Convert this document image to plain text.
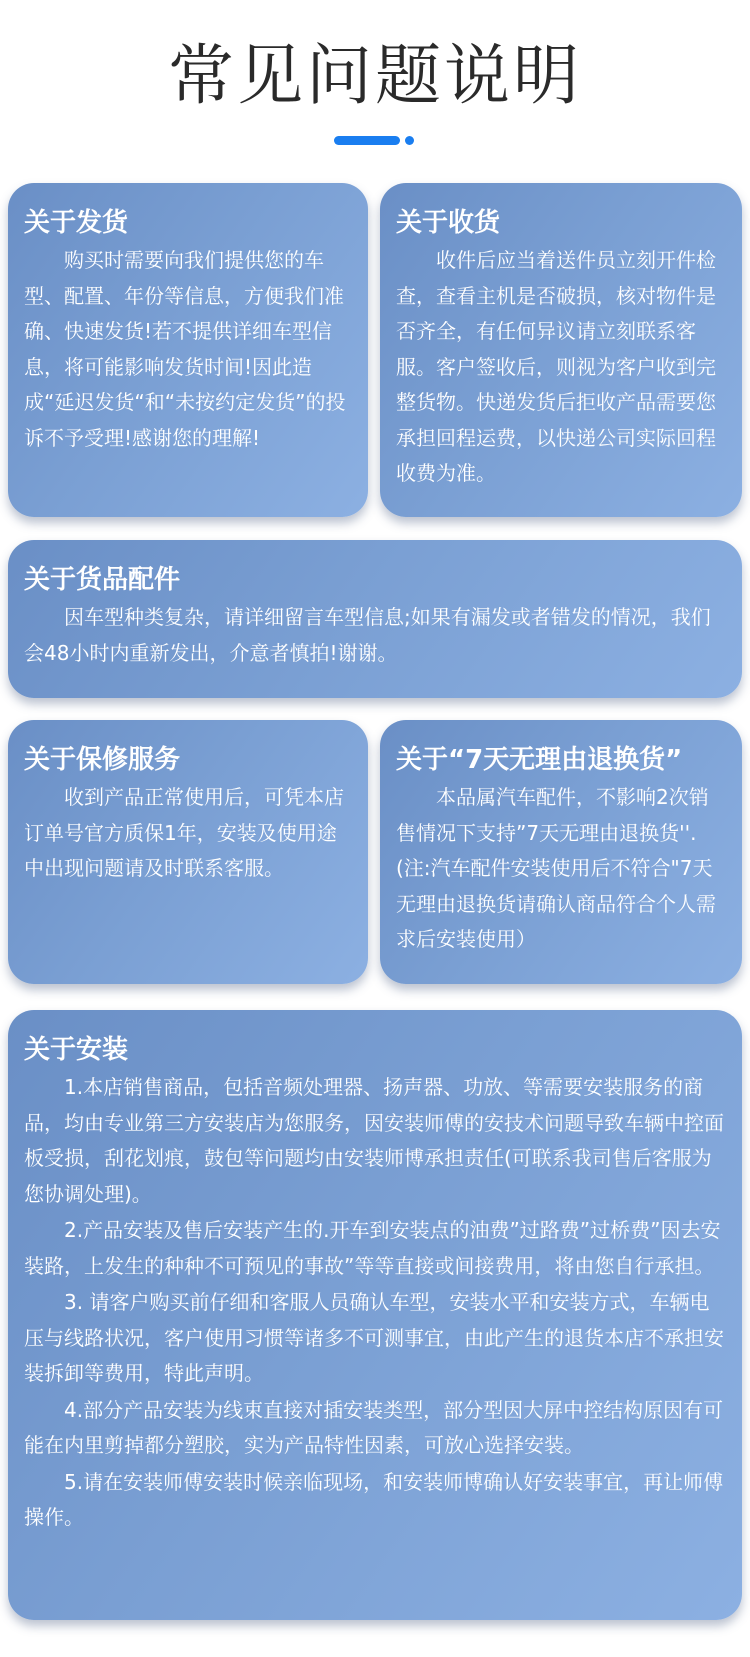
常见问题说明
关于发货

购买时需要向我们提供您的车型、配置、年份等信息，方便我们准确、快速发货!若不提供详细车型信息，将可能影响发货时间!因此造成“延迟发货“和“未按约定发货”的投诉不予受理!感谢您的理解!

关于收货

收件后应当着送件员立刻开件检查，查看主机是否破损，核对物件是否齐全，有任何异议请立刻联系客服。客户签收后，则视为客户收到完整货物。快递发货后拒收产品需要您承担回程运费，以快递公司实际回程收费为准。

关于货品配件

因车型种类复杂，请详细留言车型信息;如果有漏发或者错发的情况，我们会48小时内重新发出，介意者慎拍!谢谢。

关于保修服务

收到产品正常使用后，可凭本店订单号官方质保1年，安装及使用途中出现问题请及时联系客服。

关于“7天无理由退换货”

本品属汽车配件，不影响2次销售情况下支持”7天无理由退换货''.(注:汽车配件安装使用后不符合"7天无理由退换货请确认商品符合个人需求后安装使用）

关于安装

1.本店销售商品，包括音频处理器、扬声器、功放、等需要安装服务的商品，均由专业第三方安装店为您服务，因安装师傅的安技术问题导致车辆中控面板受损，刮花划痕，鼓包等问题均由安装师博承担责任(可联系我司售后客服为您协调处理)。

2.产品安装及售后安装产生的.开车到安装点的油费”过路费”过桥费”因去安装路，上发生的种种不可预见的事故”等等直接或间接费用，将由您自行承担。

3. 请客户购买前仔细和客服人员确认车型，安装水平和安装方式，车辆电压与线路状况，客户使用习惯等诸多不可测事宜，由此产生的退货本店不承担安装拆卸等费用，特此声明。

4.部分产品安装为线束直接对插安装类型，部分型因大屏中控结构原因有可能在内里剪掉都分塑胶，实为产品特性因素，可放心选择安装。

5.请在安装师傅安装时候亲临现场，和安装师博确认好安装事宜，再让师傅操作。
